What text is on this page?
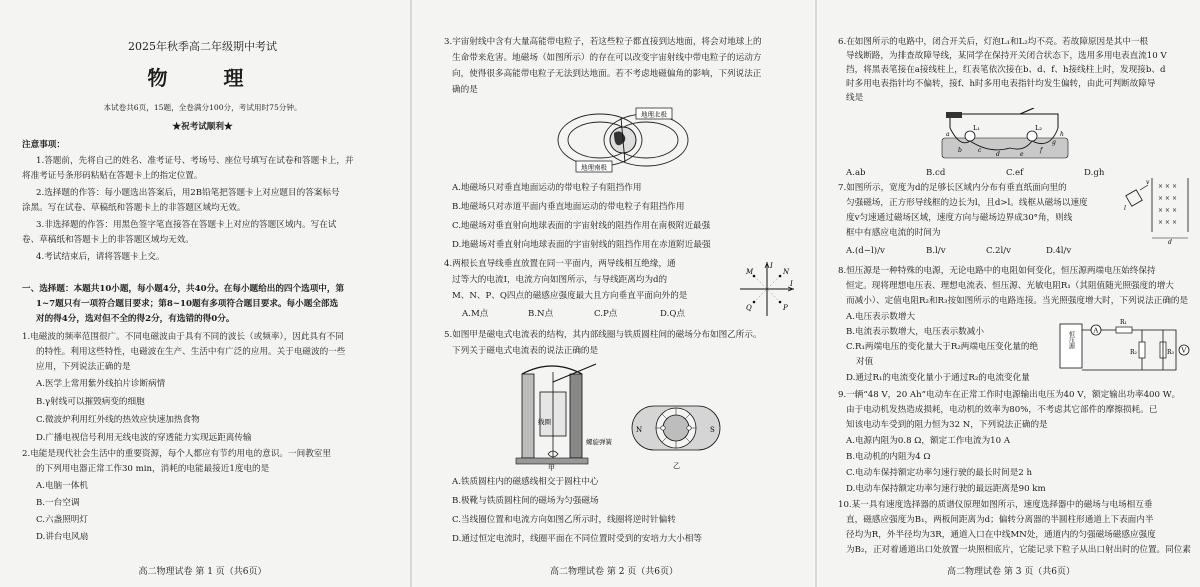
2025年秋季高二年级期中考试

物  理

本试卷共6页，15题，全卷满分100分，考试用时75分钟。

★祝考试顺利★

注意事项：

1.答题前，先将自己的姓名、准考证号、考场号、座位号填写在试卷和答题卡上，并

将准考证号条形码粘贴在答题卡上的指定位置。

2.选择题的作答：每小题选出答案后，用2B铅笔把答题卡上对应题目的答案标号

涂黑。写在试卷、草稿纸和答题卡上的非答题区域均无效。

3.非选择题的作答：用黑色签字笔直接答在答题卡上对应的答题区域内。写在试

卷、草稿纸和答题卡上的非答题区域均无效。

4.考试结束后，请将答题卡上交。

一、选择题：本题共10小题，每小题4分，共40分。在每小题给出的四个选项中，第

1~7题只有一项符合题目要求；第8~10题有多项符合题目要求。每小题全部选

对的得4分，选对但不全的得2分，有选错的得0分。

1.电磁波的频率范围很广。不同电磁波由于具有不同的波长（或频率），因此具有不同

的特性。利用这些特性，电磁波在生产、生活中有广泛的应用。关于电磁波的一些

应用，下列说法正确的是

A.医学上常用紫外线拍片诊断病情

B.γ射线可以摧毁病变的细胞

C.微波炉利用红外线的热效应快速加热食物

D.广播电视信号利用无线电波的穿透能力实现远距离传输

2.电能是现代社会生活中的重要资源，每个人都应有节约用电的意识。一间教室里

的下列用电器正常工作30 min，消耗的电能最接近1度电的是

A.电脑一体机

B.一台空调

C.六盏照明灯

D.讲台电风扇

高二物理试卷 第 1 页（共6页）

3.宇宙射线中含有大量高能带电粒子，若这些粒子都直接到达地面，将会对地球上的

生命带来危害。地磁场（如图所示）的存在可以改变宇宙射线中带电粒子的运动方

向，使得很多高能带电粒子无法到达地面。若不考虑地磁偏角的影响，下列说法正

确的是

地理北极
地理南极

A.地磁场只对垂直地面运动的带电粒子有阻挡作用

B.地磁场只对赤道平面内垂直地面运动的带电粒子有阻挡作用

C.地磁场对垂直射向地球表面的宇宙射线的阻挡作用在南极附近最强

D.地磁场对垂直射向地球表面的宇宙射线的阻挡作用在赤道附近最强

4.两根长直导线垂直放置在同一平面内，两导线相互绝缘，通

过等大的电流I，电流方向如图所示，与导线距离均为d的

M、N、P、Q四点的磁感应强度最大且方向垂直平面向外的是

A.M点	B.N点	C.P点	D.Q点

M	N
Q	P
I
I

5.如图甲是磁电式电流表的结构，其内部线圈与铁质圆柱间的磁场分布如图乙所示。

下列关于磁电式电流表的说法正确的是

线圈
螺旋弹簧
甲
N	S
乙

A.铁质圆柱内的磁感线相交于圆柱中心

B.极靴与铁质圆柱间的磁场为匀强磁场

C.当线圈位置和电流方向如图乙所示时，线圈将逆时针偏转

D.通过恒定电流时，线圈平面在不同位置时受到的安培力大小相等

高二物理试卷 第 2 页（共6页）

6.在如图所示的电路中，闭合开关后，灯泡L₁和L₂均不亮。若故障原因是其中一根

导线断路，为排查故障导线，某同学在保持开关闭合状态下，选用多用电表直流10 V

挡，将黑表笔接在a接线柱上，红表笔依次接在b、d、f、h接线柱上时，发现接b、d

时多用电表指针均不偏转，接f、h时多用电表指针均发生偏转，由此可判断故障导

线是

L₁	L₂
a
b	c
d	e
f
g
h

A.ab	B.cd	C.ef	D.gh

7.如图所示，宽度为d的足够长区域内分布有垂直纸面向里的

匀强磁场，正方形导线框的边长为l，且d>l。线框从磁场以速度

度v匀速通过磁场区域，速度方向与磁场边界成30°角，则线

框中有感应电流的时间为

A.(d−l)/v	B.l/v	C.2l/v	D.4l/v

× × ×
× × ×
× × ×
× × ×
v
l
d

8.恒压源是一种特殊的电源，无论电路中的电阻如何变化，恒压源两端电压始终保持

恒定。现将理想电压表、理想电流表、恒压源、光敏电阻R₁（其阻值随光照强度的增大

而减小）、定值电阻R₂和R₃按如图所示的电路连接。当光照强度增大时，下列说法正确的是

A.电压表示数增大

B.电流表示数增大，电压表示数减小

C.R₁两端电压的变化量大于R₂两端电压变化量的绝

对值

D.通过R₁的电流变化量小于通过R₂的电流变化量

恒压源
A
R₁
R₂	R₃ V

9.一辆“48 V，20 Ah”电动车在正常工作时电源输出电压为40 V，额定输出功率400 W。

由于电动机发热造成损耗，电动机的效率为80%，不考虑其它部件的摩擦损耗。已

知该电动车受到的阻力恒为32 N，下列说法正确的是

A.电源内阻为0.8 Ω，额定工作电流为10 A

B.电动机的内阻为4 Ω

C.电动车保持额定功率匀速行驶的最长时间是2 h

D.电动车保持额定功率匀速行驶的最远距离是90 km

10.某一具有速度选择器的质谱仪原理如图所示，速度选择器中的磁场与电场相互垂

直，磁感应强度为B₁，两板间距离为d；偏转分离器的半圆柱形通道上下表面内半

径均为R，外半径均为3R，通道入口在中线MN处，通道内的匀强磁场磁感应强度

为B₂，正对着通道出口处放置一块照相底片，它能记录下粒子从出口射出时的位置。同位素

高二物理试卷 第 3 页（共6页）
